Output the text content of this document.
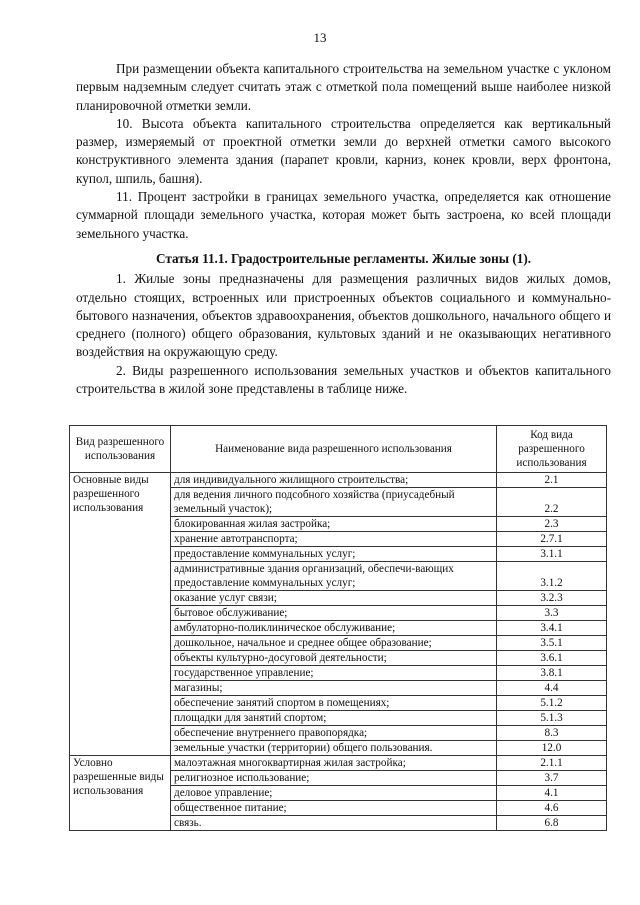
13

При размещении объекта капитального строительства на земельном участке с уклоном первым надземным следует считать этаж с отметкой пола помещений выше наиболее низкой планировочной отметки земли.

10. Высота объекта капитального строительства определяется как вертикальный размер, измеряемый от проектной отметки земли до верхней отметки самого высокого конструктивного элемента здания (парапет кровли, карниз, конек кровли, верх фронтона, купол, шпиль, башня).

11. Процент застройки в границах земельного участка, определяется как отношение суммарной площади земельного участка, которая может быть застроена, ко всей площади земельного участка.

Статья 11.1. Градостроительные регламенты. Жилые зоны (1).

1. Жилые зоны предназначены для размещения различных видов жилых домов, отдельно стоящих, встроенных или пристроенных объектов социального и коммунально-бытового назначения, объектов здравоохранения, объектов дошкольного, начального общего и среднего (полного) общего образования, культовых зданий и не оказывающих негативного воздействия на окружающую среду.

2. Виды разрешенного использования земельных участков и объектов капитального строительства в жилой зоне представлены в таблице ниже.

Вид разрешенного использования	Наименование вида разрешенного использования	Код вида разрешенного использования
Основные виды разрешенного использования	для индивидуального жилищного строительства;	2.1
	для ведения личного подсобного хозяйства (приусадебный земельный участок);	2.2
	блокированная жилая застройка;	2.3
	хранение автотранспорта;	2.7.1
	предоставление коммунальных услуг;	3.1.1
	административные здания организаций, обеспечи-вающих предоставление коммунальных услуг;	3.1.2
	оказание услуг связи;	3.2.3
	бытовое обслуживание;	3.3
	амбулаторно-поликлиническое обслуживание;	3.4.1
	дошкольное, начальное и среднее общее образование;	3.5.1
	объекты культурно-досуговой деятельности;	3.6.1
	государственное управление;	3.8.1
	магазины;	4.4
	обеспечение занятий спортом в помещениях;	5.1.2
	площадки для занятий спортом;	5.1.3
	обеспечение внутреннего правопорядка;	8.3
	земельные участки (территории) общего пользования.	12.0
Условно разрешенные виды использования	малоэтажная многоквартирная жилая застройка;	2.1.1
	религиозное использование;	3.7
	деловое управление;	4.1
	общественное питание;	4.6
	связь.	6.8
